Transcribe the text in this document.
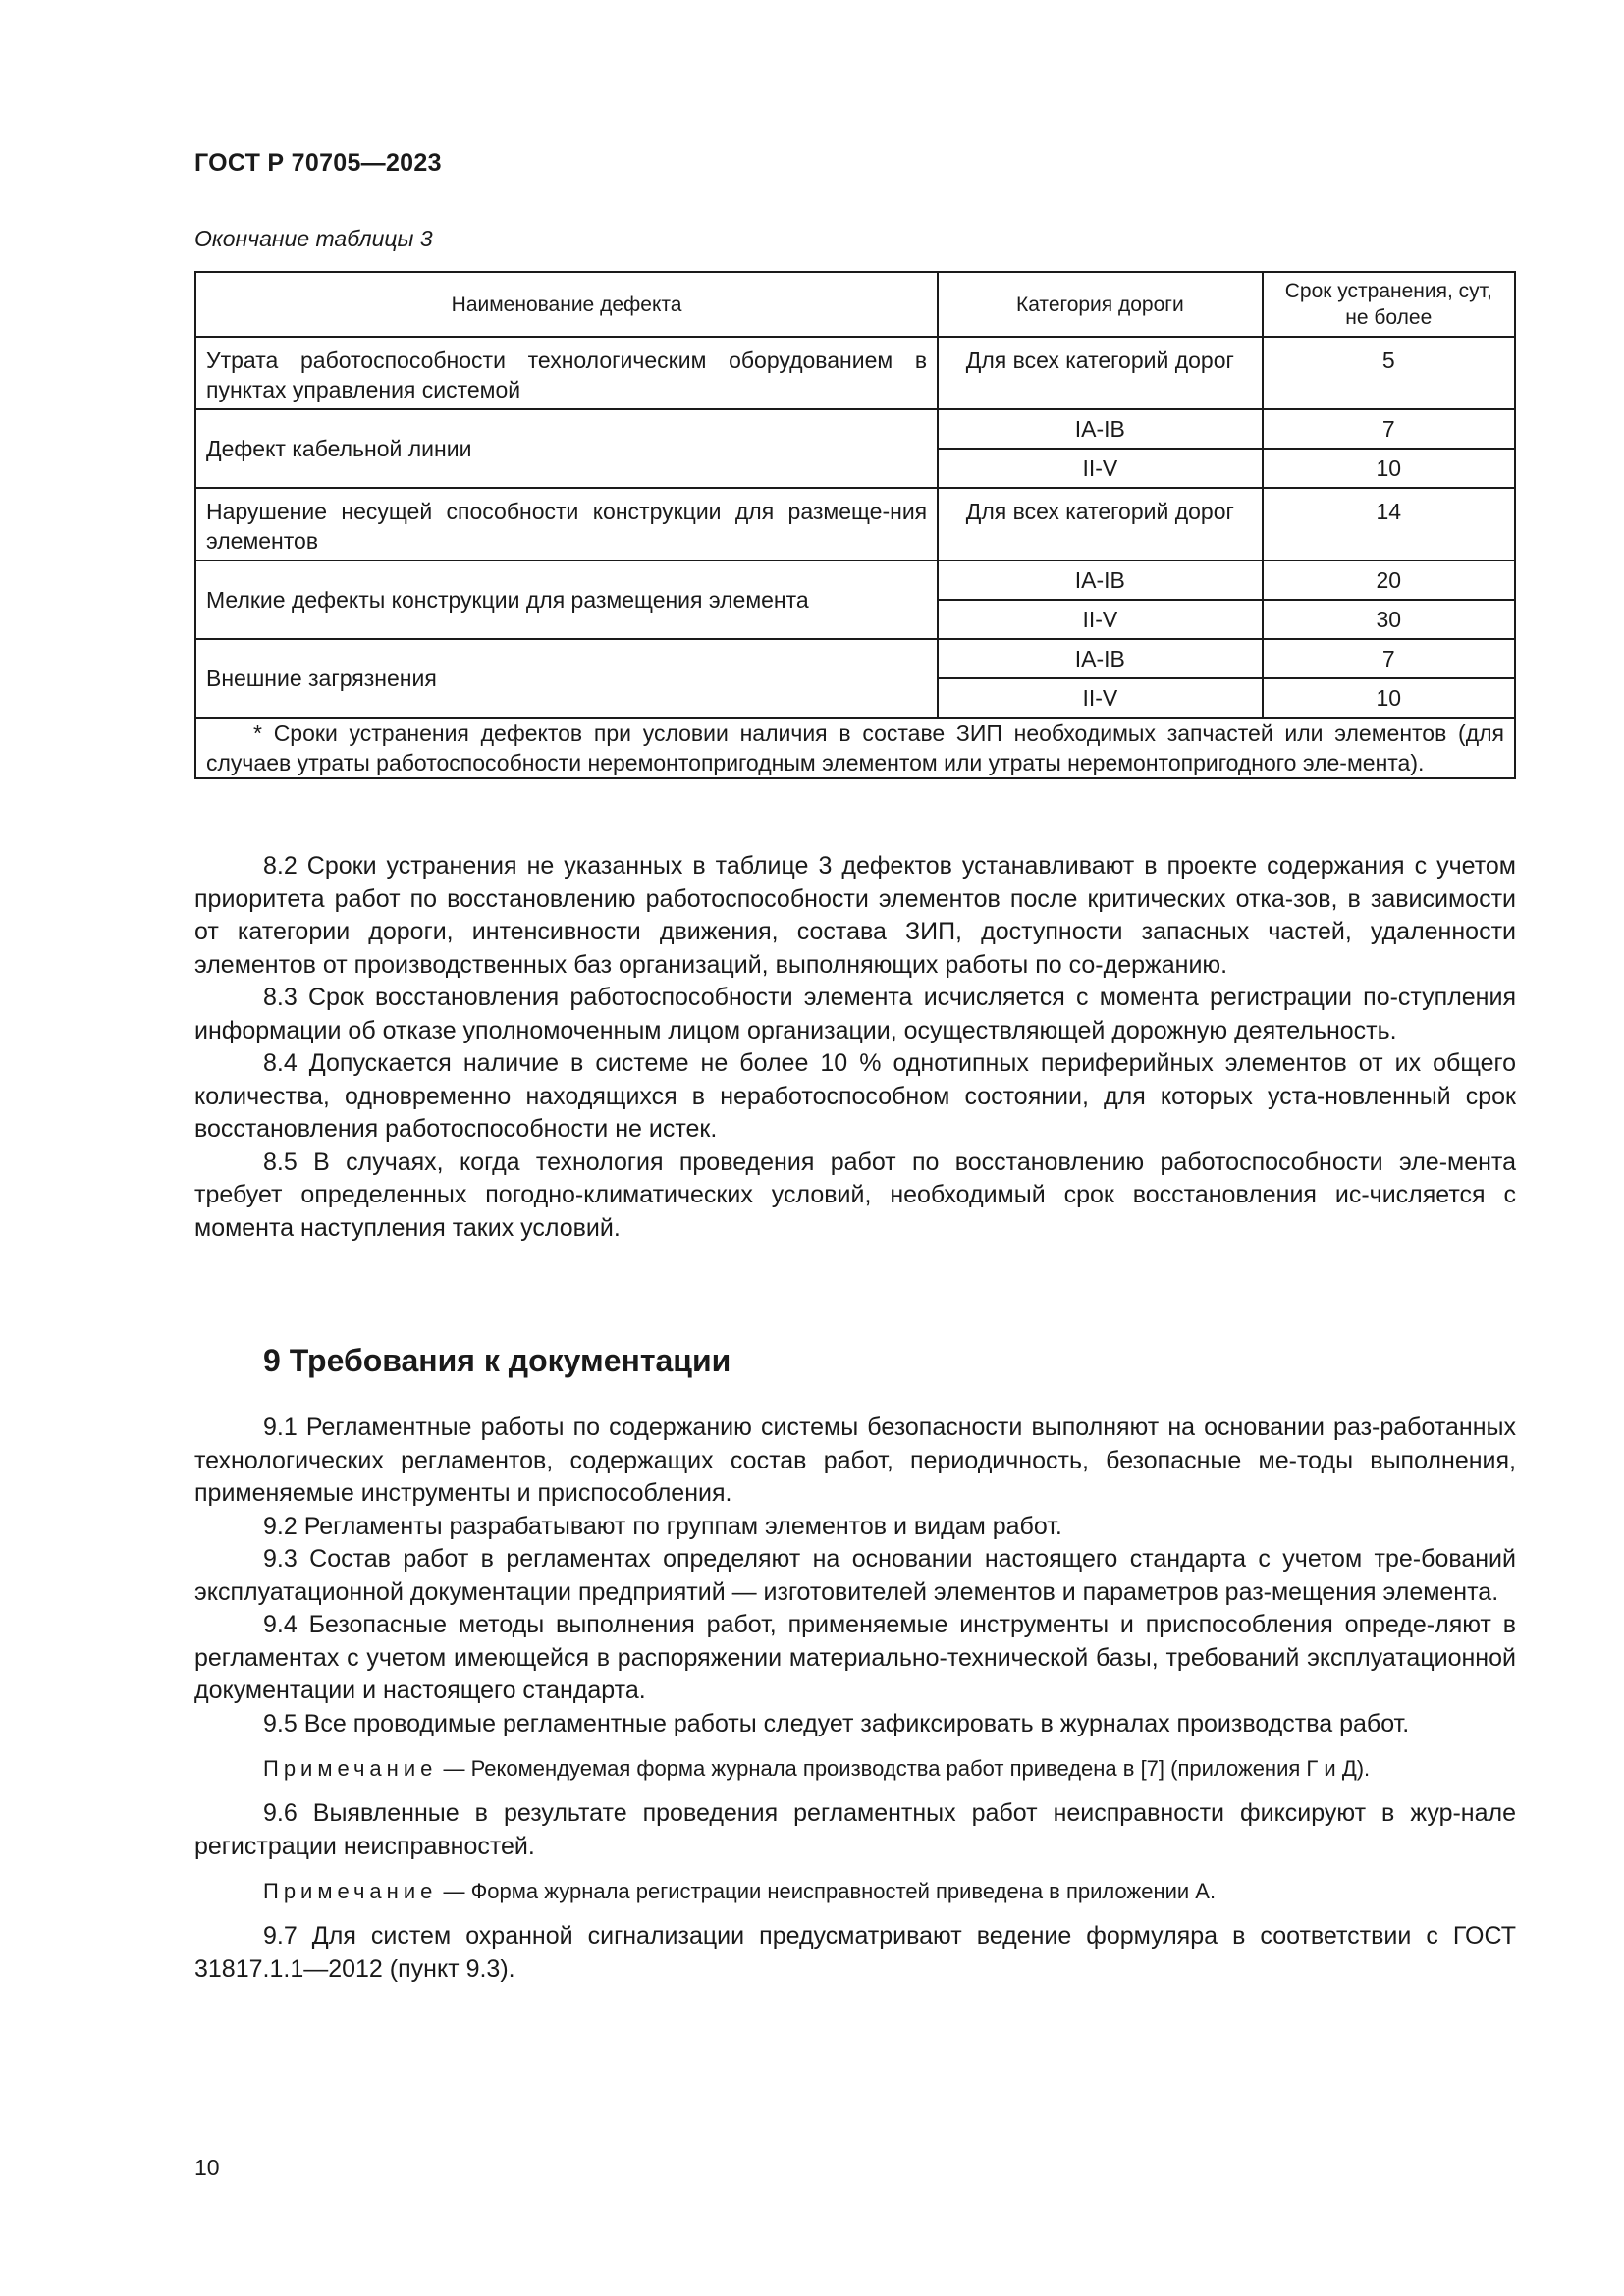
ГОСТ Р 70705—2023
Окончание таблицы 3
Наименование дефекта	Категория дороги	Срок устранения, сут, не более
Утрата работоспособности технологическим оборудованием в пунктах управления системой	Для всех категорий дорог	5
Дефект кабельной линии	IA-IB	7
	II-V	10
Нарушение несущей способности конструкции для размеще-ния элементов	Для всех категорий дорог	14
Мелкие дефекты конструкции для размещения элемента	IA-IB	20
	II-V	30
Внешние загрязнения	IA-IB	7
	II-V	10

* Сроки устранения дефектов при условии наличия в составе ЗИП необходимых запчастей или элементов (для случаев утраты работоспособности неремонтопригодным элементом или утраты неремонтопригодного эле-мента).		

8.2 Сроки устранения не указанных в таблице 3 дефектов устанавливают в проекте содержания с учетом приоритета работ по восстановлению работоспособности элементов после критических отка-зов, в зависимости от категории дороги, интенсивности движения, состава ЗИП, доступности запасных частей, удаленности элементов от производственных баз организаций, выполняющих работы по со-держанию.

8.3 Срок восстановления работоспособности элемента исчисляется с момента регистрации по-ступления информации об отказе уполномоченным лицом организации, осуществляющей дорожную деятельность.

8.4 Допускается наличие в системе не более 10 % однотипных периферийных элементов от их общего количества, одновременно находящихся в неработоспособном состоянии, для которых уста-новленный срок восстановления работоспособности не истек.

8.5 В случаях, когда технология проведения работ по восстановлению работоспособности эле-мента требует определенных погодно-климатических условий, необходимый срок восстановления ис-числяется с момента наступления таких условий.

9 Требования к документации

9.1 Регламентные работы по содержанию системы безопасности выполняют на основании раз-работанных технологических регламентов, содержащих состав работ, периодичность, безопасные ме-тоды выполнения, применяемые инструменты и приспособления.

9.2 Регламенты разрабатывают по группам элементов и видам работ.

9.3 Состав работ в регламентах определяют на основании настоящего стандарта с учетом тре-бований эксплуатационной документации предприятий — изготовителей элементов и параметров раз-мещения элемента.

9.4 Безопасные методы выполнения работ, применяемые инструменты и приспособления опреде-ляют в регламентах с учетом имеющейся в распоряжении материально-технической базы, требований эксплуатационной документации и настоящего стандарта.

9.5 Все проводимые регламентные работы следует зафиксировать в журналах производства работ.

Примечание — Рекомендуемая форма журнала производства работ приведена в [7] (приложения Г и Д).

9.6 Выявленные в результате проведения регламентных работ неисправности фиксируют в жур-нале регистрации неисправностей.

Примечание — Форма журнала регистрации неисправностей приведена в приложении А.

9.7 Для систем охранной сигнализации предусматривают ведение формуляра в соответствии с ГОСТ 31817.1.1—2012 (пункт 9.3).

10
